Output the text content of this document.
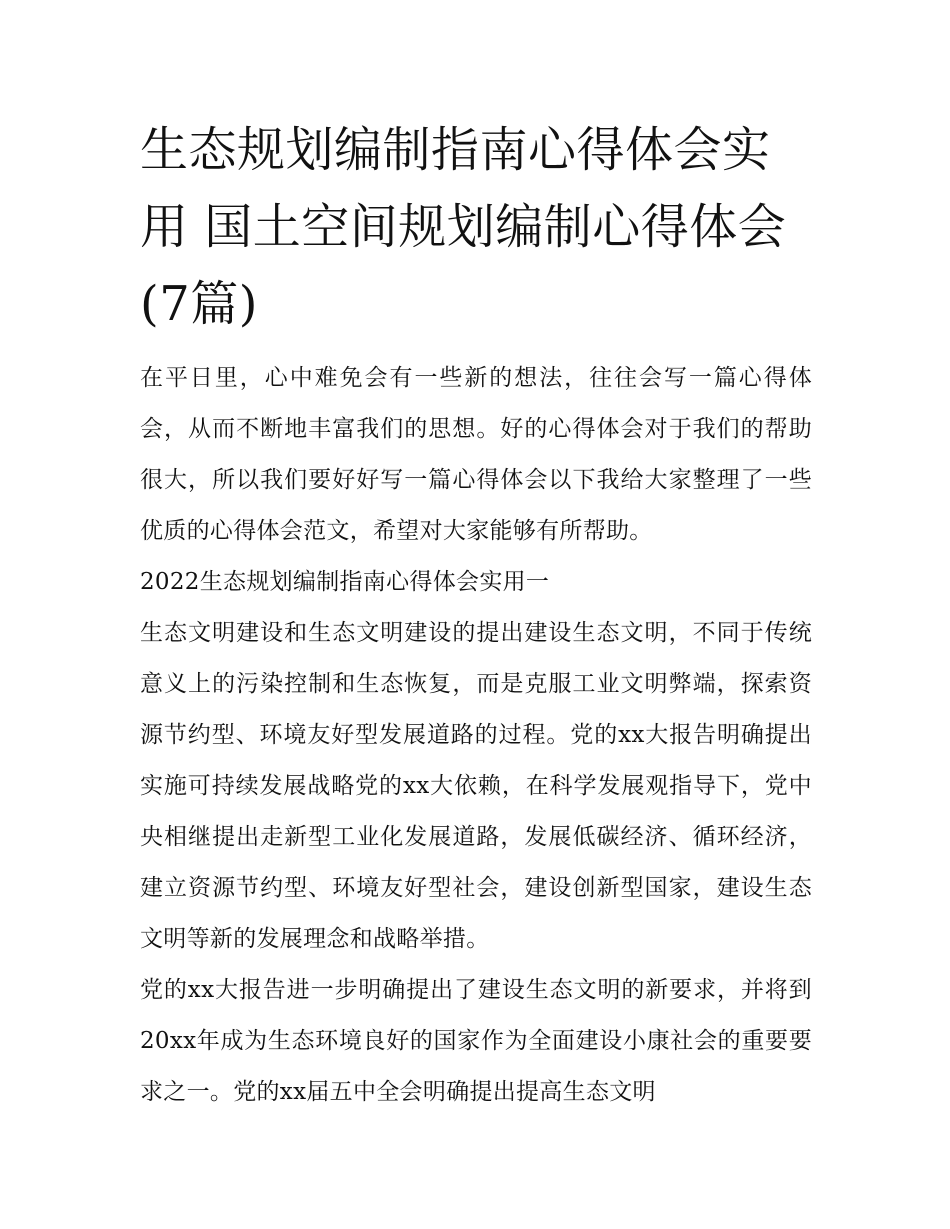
生态规划编制指南心得体会实用 国土空间规划编制心得体会(7篇)

在平日里，心中难免会有一些新的想法，往往会写一篇心得体会，从而不断地丰富我们的思想。好的心得体会对于我们的帮助很大，所以我们要好好写一篇心得体会以下我给大家整理了一些优质的心得体会范文，希望对大家能够有所帮助。

2022生态规划编制指南心得体会实用一

生态文明建设和生态文明建设的提出建设生态文明，不同于传统意义上的污染控制和生态恢复，而是克服工业文明弊端，探索资源节约型、环境友好型发展道路的过程。党的xx大报告明确提出实施可持续发展战略党的xx大依赖，在科学发展观指导下，党中央相继提出走新型工业化发展道路，发展低碳经济、循环经济，建立资源节约型、环境友好型社会，建设创新型国家，建设生态文明等新的发展理念和战略举措。

党的xx大报告进一步明确提出了建设生态文明的新要求，并将到20xx年成为生态环境良好的国家作为全面建设小康社会的重要要求之一。党的xx届五中全会明确提出提高生态文明
